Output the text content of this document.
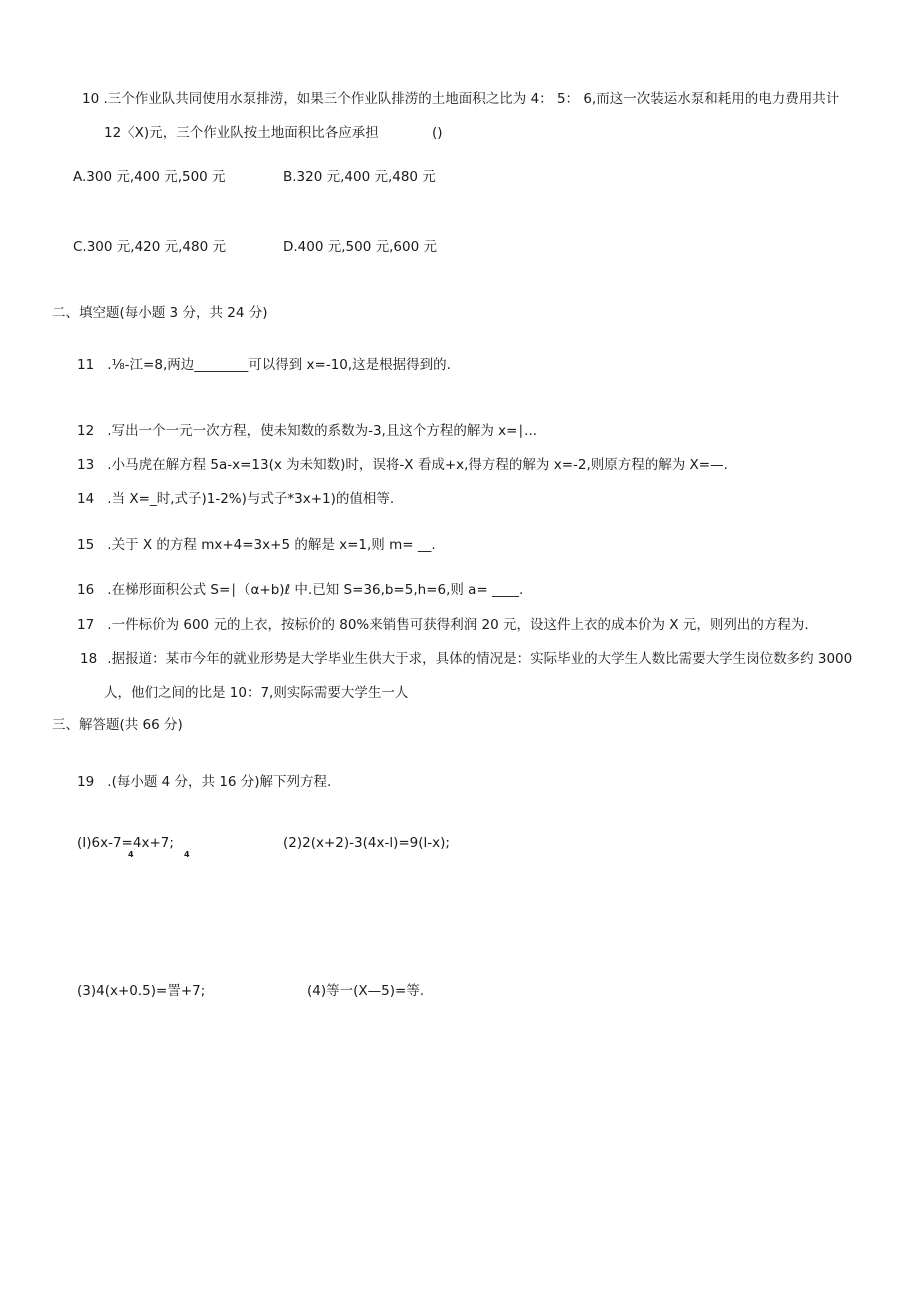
10 .三个作业队共同使用水泵排涝，如果三个作业队排涝的土地面积之比为 4： 5： 6,而这一次装运水泵和耗用的电力费用共计
12〈X)元，三个作业队按土地面积比各应承担	()
A.300 元,400 元,500 元	B.320 元,400 元,480 元
C.300 元,420 元,480 元	D.400 元,500 元,600 元
二、填空题(每小题 3 分，共 24 分)
11 .⅛-江=8,两边________可以得到 x=-10,这是根据得到的.
12 .写出一个一元一次方程，使未知数的系数为-3,且这个方程的解为 x=∣...
13 .小马虎在解方程 5a-x=13(x 为未知数)时，误将-X 看成+x,得方程的解为 x=-2,则原方程的解为 X=—.
14 .当 X=_时,式子)1-2%)与式子*3x+1)的值相等.
15 .关于 X 的方程 mx+4=3x+5 的解是 x=1,则 m= __.
16 .在梯形面积公式 S=∣（α+b)ℓ 中.已知 S=36,b=5,h=6,则 a= ____.
17 .一件标价为 600 元的上衣，按标价的 80%来销售可获得利润 20 元，设这件上衣的成本价为 X 元，则列出的方程为.
18 .据报道：某市今年的就业形势是大学毕业生供大于求，具体的情况是：实际毕业的大学生人数比需要大学生岗位数多约 3000
人，他们之间的比是 10：7,则实际需要大学生一人
三、解答题(共 66 分)
19 .(每小题 4 分，共 16 分)解下列方程.
(I)6x-7=4x+7;
4	4
(2)2(x+2)-3(4x-l)=9(l-x);
(3)4(x+0.5)=詈+7;	(4)等一(X—5)=等.
